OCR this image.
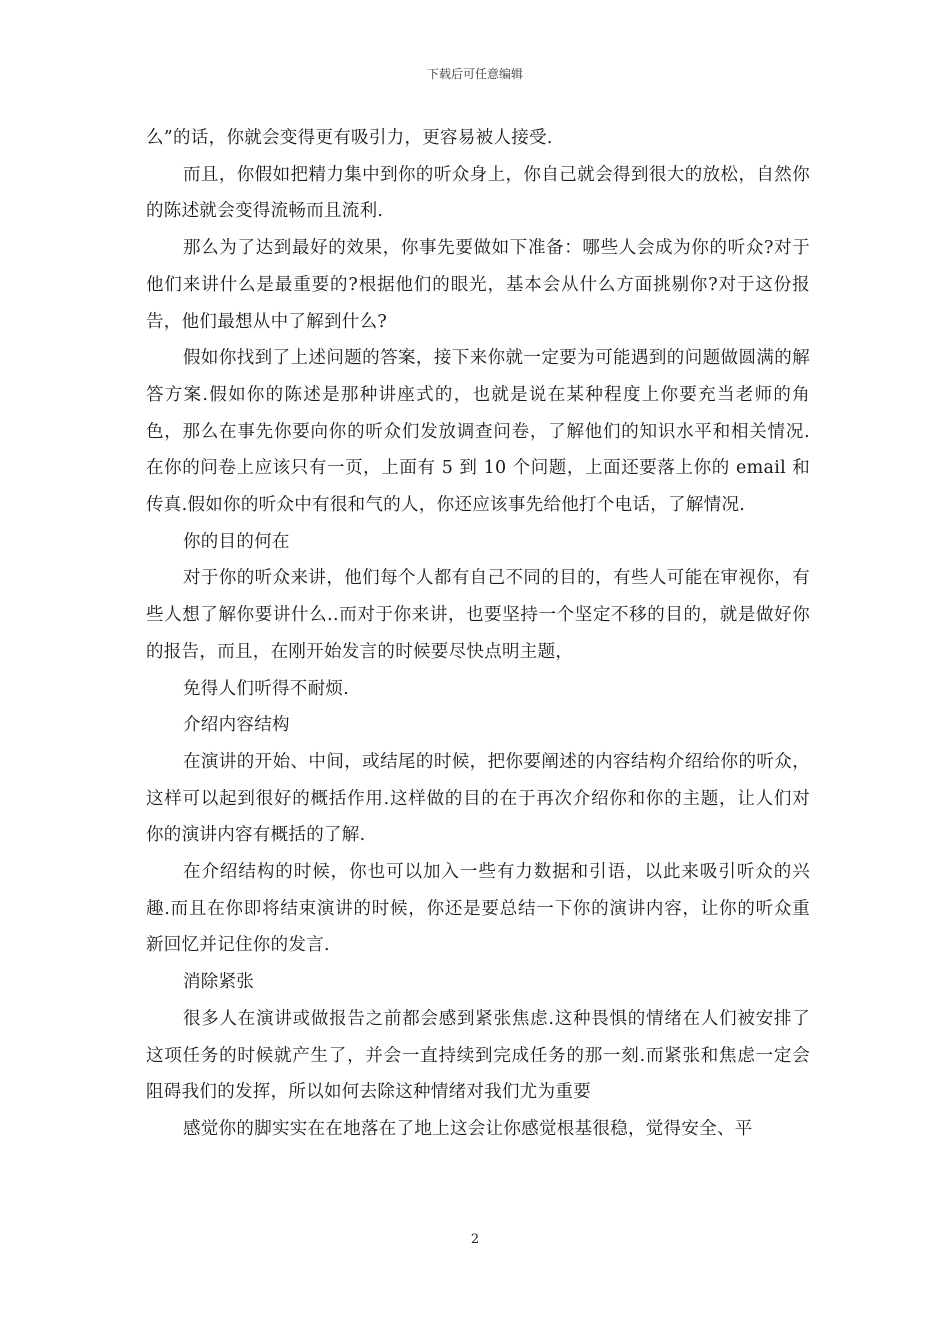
下载后可任意编辑

么”的话，你就会变得更有吸引力，更容易被人接受.

而且，你假如把精力集中到你的听众身上，你自己就会得到很大的放松，自然你的陈述就会变得流畅而且流利.

那么为了达到最好的效果，你事先要做如下准备：哪些人会成为你的听众?对于他们来讲什么是最重要的?根据他们的眼光，基本会从什么方面挑剔你?对于这份报告，他们最想从中了解到什么?

假如你找到了上述问题的答案，接下来你就一定要为可能遇到的问题做圆满的解答方案.假如你的陈述是那种讲座式的，也就是说在某种程度上你要充当老师的角色，那么在事先你要向你的听众们发放调查问卷，了解他们的知识水平和相关情况.在你的问卷上应该只有一页，上面有 5 到 10 个问题，上面还要落上你的 email 和传真.假如你的听众中有很和气的人，你还应该事先给他打个电话，了解情况.

你的目的何在

对于你的听众来讲，他们每个人都有自己不同的目的，有些人可能在审视你，有些人想了解你要讲什么..而对于你来讲，也要坚持一个坚定不移的目的，就是做好你的报告，而且，在刚开始发言的时候要尽快点明主题，

免得人们听得不耐烦.

介绍内容结构

在演讲的开始、中间，或结尾的时候，把你要阐述的内容结构介绍给你的听众，这样可以起到很好的概括作用.这样做的目的在于再次介绍你和你的主题，让人们对你的演讲内容有概括的了解.

在介绍结构的时候，你也可以加入一些有力数据和引语，以此来吸引听众的兴趣.而且在你即将结束演讲的时候，你还是要总结一下你的演讲内容，让你的听众重新回忆并记住你的发言.

消除紧张

很多人在演讲或做报告之前都会感到紧张焦虑.这种畏惧的情绪在人们被安排了这项任务的时候就产生了，并会一直持续到完成任务的那一刻.而紧张和焦虑一定会阻碍我们的发挥，所以如何去除这种情绪对我们尤为重要

感觉你的脚实实在在地落在了地上这会让你感觉根基很稳，觉得安全、平

2
